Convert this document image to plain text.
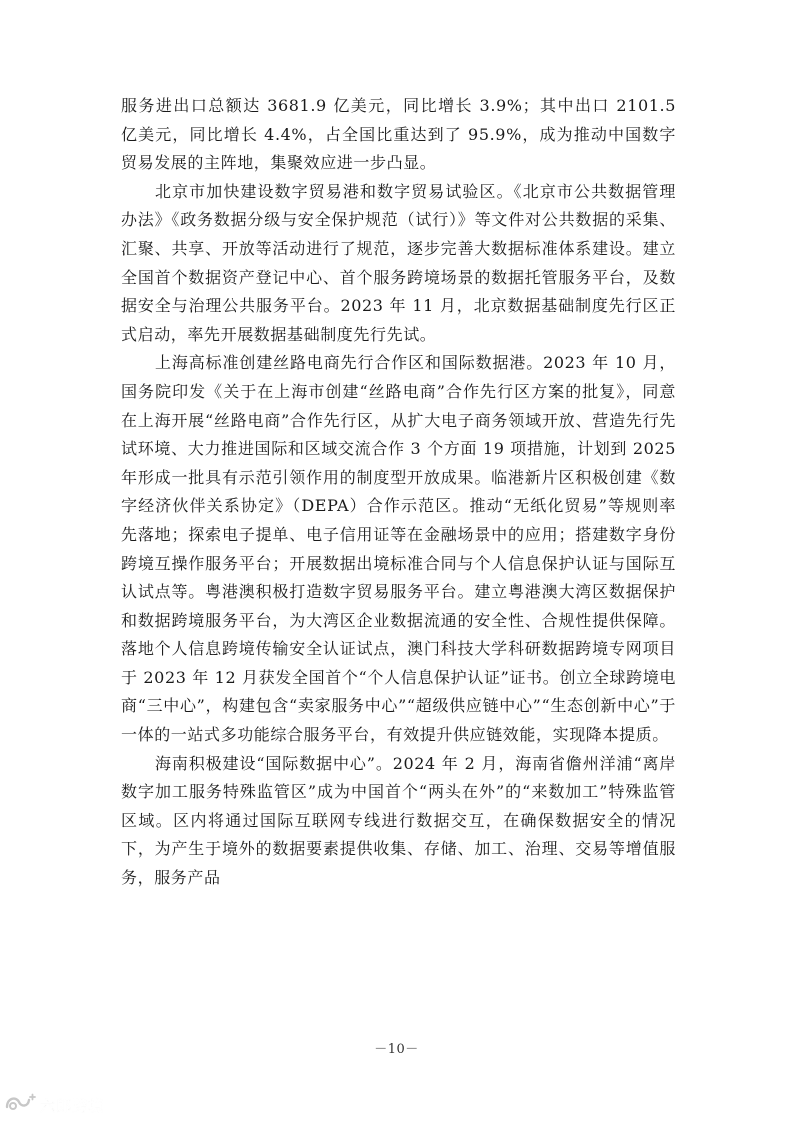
服务进出口总额达 3681.9 亿美元，同比增长 3.9%；其中出口 2101.5 亿美元，同比增长 4.4%，占全国比重达到了 95.9%，成为推动中国数字贸易发展的主阵地，集聚效应进一步凸显。

北京市加快建设数字贸易港和数字贸易试验区。《北京市公共数据管理办法》《政务数据分级与安全保护规范（试行）》等文件对公共数据的采集、汇聚、共享、开放等活动进行了规范，逐步完善大数据标准体系建设。建立全国首个数据资产登记中心、首个服务跨境场景的数据托管服务平台，及数据安全与治理公共服务平台。2023 年 11 月，北京数据基础制度先行区正式启动，率先开展数据基础制度先行先试。

上海高标准创建丝路电商先行合作区和国际数据港。2023 年 10 月，国务院印发《关于在上海市创建“丝路电商”合作先行区方案的批复》，同意在上海开展“丝路电商”合作先行区，从扩大电子商务领域开放、营造先行先试环境、大力推进国际和区域交流合作 3 个方面 19 项措施，计划到 2025 年形成一批具有示范引领作用的制度型开放成果。临港新片区积极创建《数字经济伙伴关系协定》（DEPA）合作示范区。推动“无纸化贸易”等规则率先落地；探索电子提单、电子信用证等在金融场景中的应用；搭建数字身份跨境互操作服务平台；开展数据出境标准合同与个人信息保护认证与国际互认试点等。粤港澳积极打造数字贸易服务平台。建立粤港澳大湾区数据保护和数据跨境服务平台，为大湾区企业数据流通的安全性、合规性提供保障。落地个人信息跨境传输安全认证试点，澳门科技大学科研数据跨境专网项目于 2023 年 12 月获发全国首个“个人信息保护认证”证书。创立全球跨境电商“三中心”，构建包含“卖家服务中心”“超级供应链中心”“生态创新中心”于一体的一站式多功能综合服务平台，有效提升供应链效能，实现降本提质。

海南积极建设“国际数据中心”。2024 年 2 月，海南省儋州洋浦“离岸数字加工服务特殊监管区”成为中国首个“两头在外”的“来数加工”特殊监管区域。区内将通过国际互联网专线进行数据交互，在确保数据安全的情况下，为产生于境外的数据要素提供收集、存储、加工、治理、交易等增值服务，服务产品

－10－
六郎跨境
